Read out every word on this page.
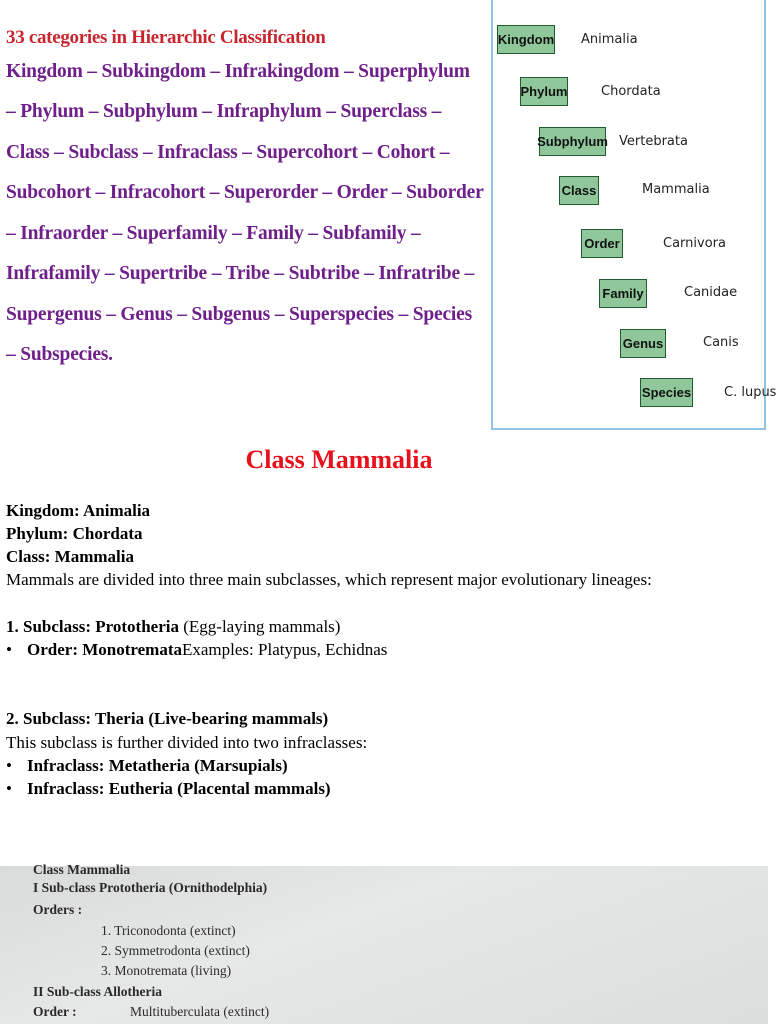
33 categories in Hierarchic Classification
Kingdom – Subkingdom – Infrakingdom – Superphylum
– Phylum – Subphylum – Infraphylum – Superclass –
Class – Subclass – Infraclass – Supercohort – Cohort –
Subcohort – Infracohort – Superorder – Order – Suborder
– Infraorder – Superfamily – Family – Subfamily –
Infrafamily – Supertribe – Tribe – Subtribe – Infratribe –
Supergenus – Genus – Subgenus – Superspecies – Species
– Subspecies.
Kingdom Animalia
Phylum	Chordata
Subphylum Vertebrata
Class	Mammalia
Order	Carnivora
Family	Canidae
Genus	Canis
Species	C. lupus
Class Mammalia
Kingdom: Animalia
Phylum: Chordata
Class: Mammalia
Mammals are divided into three main subclasses, which represent major evolutionary lineages:
1. Subclass: Prototheria (Egg-laying mammals)
• Order: MonotremataExamples: Platypus, Echidnas
2. Subclass: Theria (Live-bearing mammals)
This subclass is further divided into two infraclasses:
• Infraclass: Metatheria (Marsupials)
• Infraclass: Eutheria (Placental mammals)
Class Mammalia
I Sub-class Prototheria (Ornithodelphia)
Orders :
1. Triconodonta (extinct)
2. Symmetrodonta (extinct)
3. Monotremata (living)
II Sub-class Allotheria
Order :	Multituberculata (extinct)
